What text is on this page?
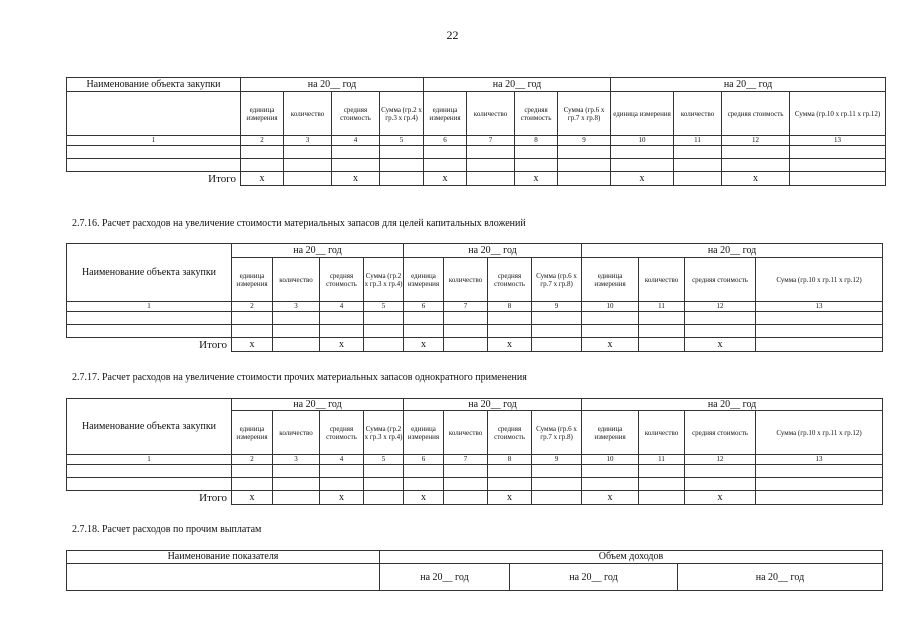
22
Наименование объекта закупки	на 20__ год				на 20__ год				на 20__ год			
	единица измерения	количество	средняя стоимость	Сумма (гр.2 х гр.3 х гр.4)	единица измерения	количество	средняя стоимость	Сумма (гр.6 х гр.7 х гр.8)	единица измерения	количество	средняя стоимость	Сумма (гр.10 х гр.11 х гр.12)
1	2	3	4	5	6	7	8	9	10	11	12	13

Итого	х		х		х		х		х		х	
2.7.16. Расчет расходов на увеличение стоимости материальных запасов для целей капитальных вложений
Наименование объекта закупки	на 20__ год				на 20__ год				на 20__ год			
	единица измерения	количество	средняя стоимость	Сумма (гр.2 х гр.3 х гр.4)	единица измерения	количество	средняя стоимость	Сумма (гр.6 х гр.7 х гр.8)	единица измерения	количество	средняя стоимость	Сумма (гр.10 х гр.11 х гр.12)
1	2	3	4	5	6	7	8	9	10	11	12	13

Итого	х		х		х		х		х		х	
2.7.17. Расчет расходов на увеличение стоимости прочих материальных запасов однократного применения
Наименование объекта закупки	на 20__ год				на 20__ год				на 20__ год			
	единица измерения	количество	средняя стоимость	Сумма (гр.2 х гр.3 х гр.4)	единица измерения	количество	средняя стоимость	Сумма (гр.6 х гр.7 х гр.8)	единица измерения	количество	средняя стоимость	Сумма (гр.10 х гр.11 х гр.12)
1	2	3	4	5	6	7	8	9	10	11	12	13

Итого	х		х		х		х		х		х	
2.7.18. Расчет расходов по прочим выплатам
Наименование показателя	Объем доходов		
	на 20__ год	на 20__ год	на 20__ год
